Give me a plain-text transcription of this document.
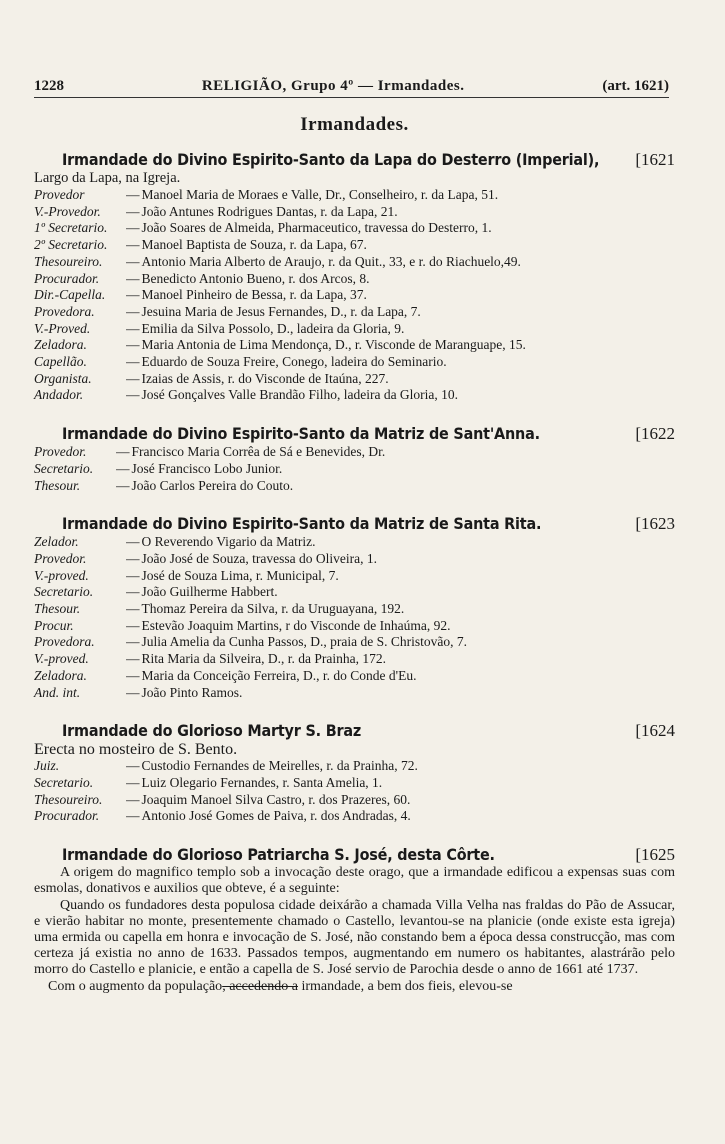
1228	RELIGIÃO, Grupo 4º — Irmandades.	(art. 1621)
Irmandades.
Irmandade do Divino Espirito-Santo da Lapa do Desterro (Imperial), [1621
Largo da Lapa, na Igreja.
Provedor	— Manoel Maria de Moraes e Valle, Dr., Conselheiro, r. da Lapa, 51.
V.-Provedor.	— João Antunes Rodrigues Dantas, r. da Lapa, 21.
1º Secretario.	— João Soares de Almeida, Pharmaceutico, travessa do Desterro, 1.
2º Secretario.	— Manoel Baptista de Souza, r. da Lapa, 67.
Thesoureiro.	— Antonio Maria Alberto de Araujo, r. da Quit., 33, e r. do Riachuelo,49.
Procurador.	— Benedicto Antonio Bueno, r. dos Arcos, 8.
Dir.-Capella.	— Manoel Pinheiro de Bessa, r. da Lapa, 37.
Provedora.	— Jesuina Maria de Jesus Fernandes, D., r. da Lapa, 7.
V.-Proved.	— Emilia da Silva Possolo, D., ladeira da Gloria, 9.
Zeladora.	— Maria Antonia de Lima Mendonça, D., r. Visconde de Maranguape, 15.
Capellão.	— Eduardo de Souza Freire, Conego, ladeira do Seminario.
Organista.	— Izaias de Assis, r. do Visconde de Itaúna, 227.
Andador.	— José Gonçalves Valle Brandão Filho, ladeira da Gloria, 10.
Irmandade do Divino Espirito-Santo da Matriz de Sant'Anna.	[1622
Provedor.	— Francisco Maria Corrêa de Sá e Benevides, Dr.
Secretario.	— José Francisco Lobo Junior.
Thesour.	— João Carlos Pereira do Couto.
Irmandade do Divino Espirito-Santo da Matriz de Santa Rita.	[1623
Zelador.	— O Reverendo Vigario da Matriz.
Provedor.	— João José de Souza, travessa do Oliveira, 1.
V.-proved.	— José de Souza Lima, r. Municipal, 7.
Secretario.	— João Guilherme Habbert.
Thesour.	— Thomaz Pereira da Silva, r. da Uruguayana, 192.
Procur.	— Estevão Joaquim Martins, r do Visconde de Inhaúma, 92.
Provedora.	— Julia Amelia da Cunha Passos, D., praia de S. Christovão, 7.
V.-proved.	— Rita Maria da Silveira, D., r. da Prainha, 172.
Zeladora.	— Maria da Conceição Ferreira, D., r. do Conde d'Eu.
And. int.	— João Pinto Ramos.
Irmandade do Glorioso Martyr S. Braz	[1624
Erecta no mosteiro de S. Bento.
Juiz.	— Custodio Fernandes de Meirelles, r. da Prainha, 72.
Secretario.	— Luiz Olegario Fernandes, r. Santa Amelia, 1.
Thesoureiro.	— Joaquim Manoel Silva Castro, r. dos Prazeres, 60.
Procurador.	— Antonio José Gomes de Paiva, r. dos Andradas, 4.
Irmandade do Glorioso Patriarcha S. José, desta Côrte.	[1625

A origem do magnifico templo sob a invocação deste orago, que a irmandade edificou a expensas suas com esmolas, donativos e auxilios que obteve, é a seguinte:

Quando os fundadores desta populosa cidade deixárão a chamada Villa Velha nas fraldas do Pão de Assucar, e vierão habitar no monte, presentemente chamado o Castello, levantou-se na planicie (onde existe esta igreja) uma ermida ou capella em honra e invocação de S. José, não constando bem a época dessa construcção, mas com certeza já existia no anno de 1633. Passados tempos, augmentando em numero os habitantes, alastrárão pelo morro do Castello e planicie, e então a capella de S. José servio de Parochia desde o anno de 1661 até 1737.

Com o augmento da população, accedendo a irmandade, a bem dos fieis, elevou-se
